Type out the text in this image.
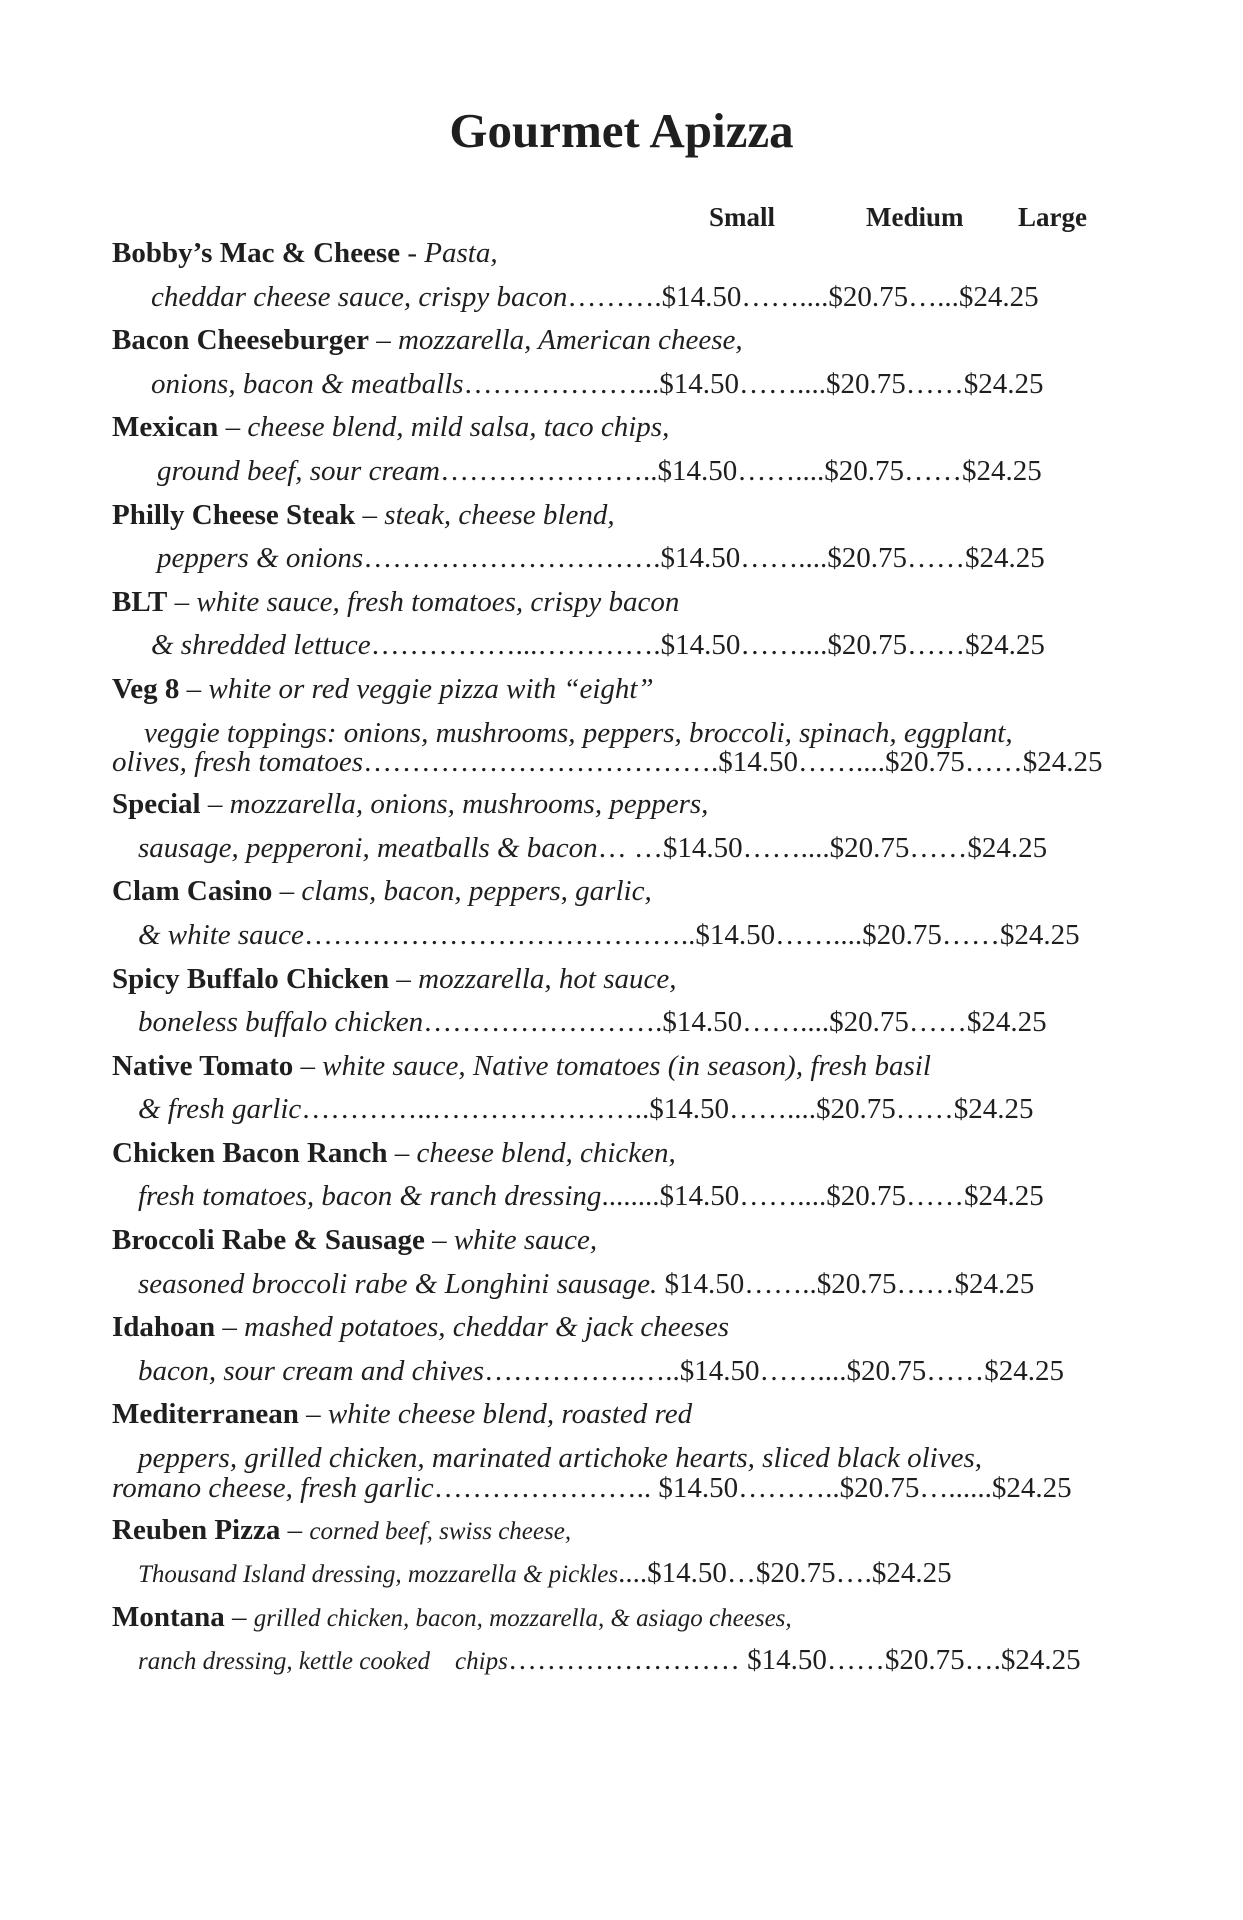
Gourmet Apizza
Small	Medium Large
Bobby’s Mac & Cheese - Pasta,
cheddar cheese sauce, crispy bacon……….$14.50……....$20.75…...$24.25
Bacon Cheeseburger – mozzarella, American cheese,
onions, bacon & meatballs………………...$14.50……....$20.75……$24.25
Mexican – cheese blend, mild salsa, taco chips,
ground beef, sour cream…………………..$14.50……....$20.75……$24.25
Philly Cheese Steak – steak, cheese blend,
peppers & onions………………………….$14.50……....$20.75……$24.25
BLT – white sauce, fresh tomatoes, crispy bacon
& shredded lettuce……………...………….$14.50……....$20.75……$24.25
Veg 8 – white or red veggie pizza with “eight”
veggie toppings: onions, mushrooms, peppers, broccoli, spinach, eggplant,
olives, fresh tomatoes……………………………….$14.50……....$20.75……$24.25
Special – mozzarella, onions, mushrooms, peppers,
sausage, pepperoni, meatballs & bacon… …$14.50……....$20.75……$24.25
Clam Casino – clams, bacon, peppers, garlic,
& white sauce…………………………………..$14.50……....$20.75……$24.25
Spicy Buffalo Chicken – mozzarella, hot sauce,
boneless buffalo chicken…………………….$14.50……....$20.75……$24.25
Native Tomato – white sauce, Native tomatoes (in season), fresh basil
& fresh garlic…………..…………………..$14.50……....$20.75……$24.25
Chicken Bacon Ranch – cheese blend, chicken,
fresh tomatoes, bacon & ranch dressing........$14.50……....$20.75……$24.25
Broccoli Rabe & Sausage – white sauce,
seasoned broccoli rabe & Longhini sausage. $14.50……..$20.75……$24.25
Idahoan – mashed potatoes, cheddar & jack cheeses
bacon, sour cream and chives…………….…..$14.50……....$20.75……$24.25
Mediterranean – white cheese blend, roasted red
peppers, grilled chicken, marinated artichoke hearts, sliced black olives,
romano cheese, fresh garlic………………….. $14.50………..$20.75…......$24.25
Reuben Pizza – corned beef, swiss cheese,
Thousand Island dressing, mozzarella & pickles....$14.50…$20.75….$24.25
Montana – grilled chicken, bacon, mozzarella, & asiago cheeses,
ranch dressing, kettle cooked    chips…………………… $14.50……$20.75….$24.25
